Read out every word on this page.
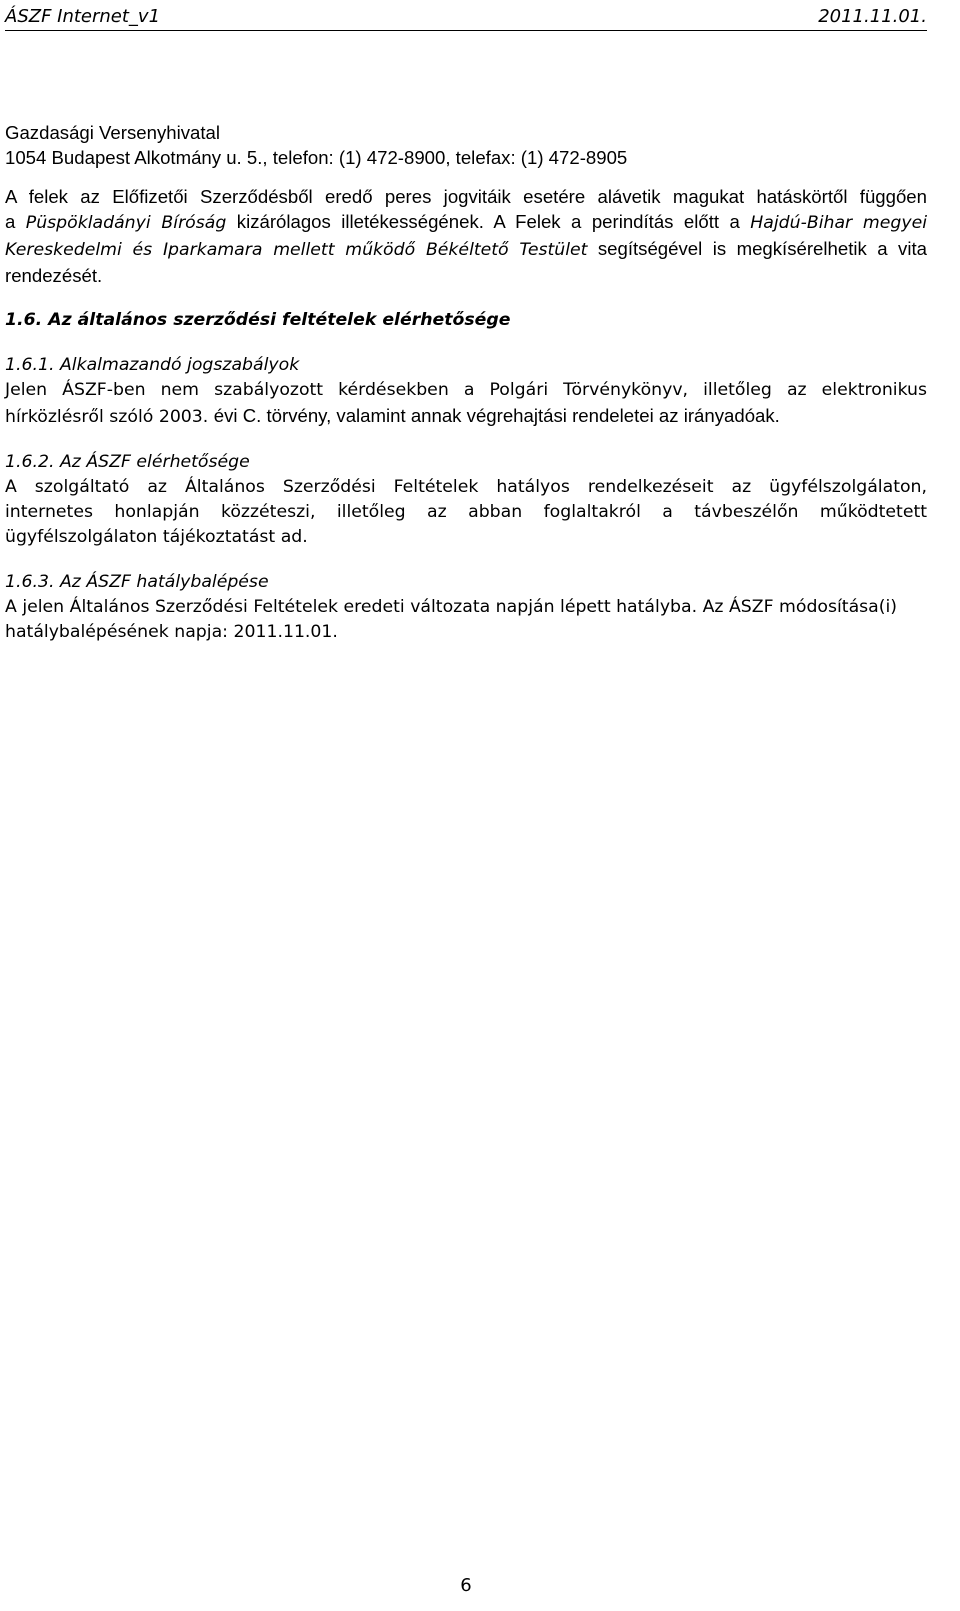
ÁSZF Internet_v1	2011.11.01.
Gazdasági Versenyhivatal
1054 Budapest Alkotmány u. 5., telefon: (1) 472-8900, telefax: (1) 472-8905
A felek az Előfizetői Szerződésből eredő peres jogvitáik esetére alávetik magukat hatáskörtől függően
a Püspökladányi Bíróság kizárólagos illetékességének. A Felek a perindítás előtt a Hajdú-Bihar megyei
Kereskedelmi és Iparkamara mellett működő Békéltető Testület segítségével is megkísérelhetik a vita
rendezését.
1.6. Az általános szerződési feltételek elérhetősége
1.6.1. Alkalmazandó jogszabályok
Jelen ÁSZF-ben nem szabályozott kérdésekben a Polgári Törvénykönyv, illetőleg az elektronikus
hírközlésről szóló 2003. évi C. törvény, valamint annak végrehajtási rendeletei az irányadóak.
1.6.2. Az ÁSZF elérhetősége
A szolgáltató az Általános Szerződési Feltételek hatályos rendelkezéseit az ügyfélszolgálaton,
internetes honlapján közzéteszi, illetőleg az abban foglaltakról a távbeszélőn működtetett
ügyfélszolgálaton tájékoztatást ad.
1.6.3. Az ÁSZF hatálybalépése
A jelen Általános Szerződési Feltételek eredeti változata napján lépett hatályba. Az ÁSZF módosítása(i)
hatálybalépésének napja: 2011.11.01.
6
